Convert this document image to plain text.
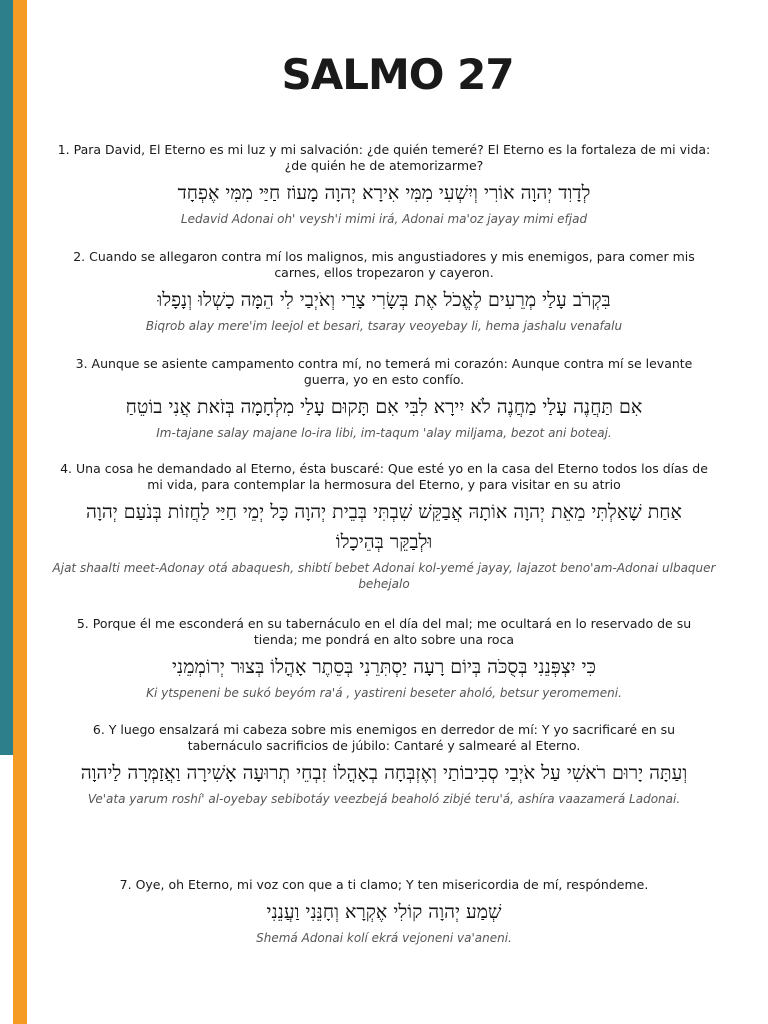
SALMO 27
1. Para David, El Eterno es mi luz y mi salvación: ¿de quién temeré? El Eterno es la fortaleza de mi vida: ¿de quién he de atemorizarme?
לְדָוִד יְהוָה אוֹרִי וְיִשְׁעִי מִמִּי אִירָא יְהוָה מָעוֹז חַיַּי מִמִּי אֶפְחָד
Ledavid Adonai oh' veysh'i mimi irá, Adonai ma'oz jayay mimi efjad
2. Cuando se allegaron contra mí los malignos, mis angustiadores y mis enemigos, para comer mis carnes, ellos tropezaron y cayeron.
בִּקְרֹב עָלַי מְרֵעִים לֶאֱכֹל אֶת בְּשָׂרִי צָרַי וְאֹיְבַי לִי הֵמָּה כָשְׁלוּ וְנָפָלוּ
Biqrob alay mere'im leejol et besari, tsaray veoyebay li, hema jashalu venafalu
3. Aunque se asiente campamento contra mí, no temerá mi corazón: Aunque contra mí se levante guerra, yo en esto confío.
אִם תַּחֲנֶה עָלַי מַחֲנֶה לֹא יִירָא לִבִּי אִם תָּקוּם עָלַי מִלְחָמָה בְּזֹאת אֲנִי בוֹטֵחַ
Im-tajane salay majane lo-ira libi, im-taqum 'alay miljama, bezot ani boteaj.
4. Una cosa he demandado al Eterno, ésta buscaré: Que esté yo en la casa del Eterno todos los días de mi vida, para contemplar la hermosura del Eterno, y para visitar en su atrio
אַחַת שָׁאַלְתִּי מֵאֵת יְהוָה אוֹתָהּ אֲבַקֵּשׁ שִׁבְתִּי בְּבֵית יְהוָה כָּל יְמֵי חַיַּי לַחֲזוֹת בְּנֹעַם יְהוָה וּלְבַקֵּר בְּהֵיכָלוֹ
Ajat shaalti meet-Adonay otá abaquesh, shibtí bebet Adonai kol-yemé jayay, lajazot beno'am-Adonai ulbaquer behejalo
5. Porque él me esconderá en su tabernáculo en el día del mal; me ocultará en lo reservado de su tienda; me pondrá en alto sobre una roca
כִּי יִצְפְּנֵנִי בְּסֻכֹּה בְּיוֹם רָעָה יַסְתִּרֵנִי בְּסֵתֶר אָהֳלוֹ בְּצוּר יְרוֹמְמֵנִי
Ki ytspeneni be sukó beyóm ra'á , yastireni beseter aholó, betsur yeromemeni.
6. Y luego ensalzará mi cabeza sobre mis enemigos en derredor de mí: Y yo sacrificaré en su tabernáculo sacrificios de júbilo: Cantaré y salmearé al Eterno.
וְעַתָּה יָרוּם רֹאשִׁי עַל אֹיְבַי סְבִיבוֹתַי וְאֶזְבְּחָה בְאָהֳלוֹ זִבְחֵי תְרוּעָה אָשִׁירָה וַאֲזַמְּרָה לַיהוָה
Ve'ata yarum roshí' al-oyebay sebibotáy veezbejá beaholó zibjé teru'á, ashíra vaazamerá Ladonai.
7. Oye, oh Eterno, mi voz con que a ti clamo; Y ten misericordia de mí, respóndeme.
שְׁמַע יְהוָה קוֹלִי אֶקְרָא וְחָנֵּנִי וַעֲנֵנִי
Shemá Adonai kolí ekrá vejoneni va'aneni.
